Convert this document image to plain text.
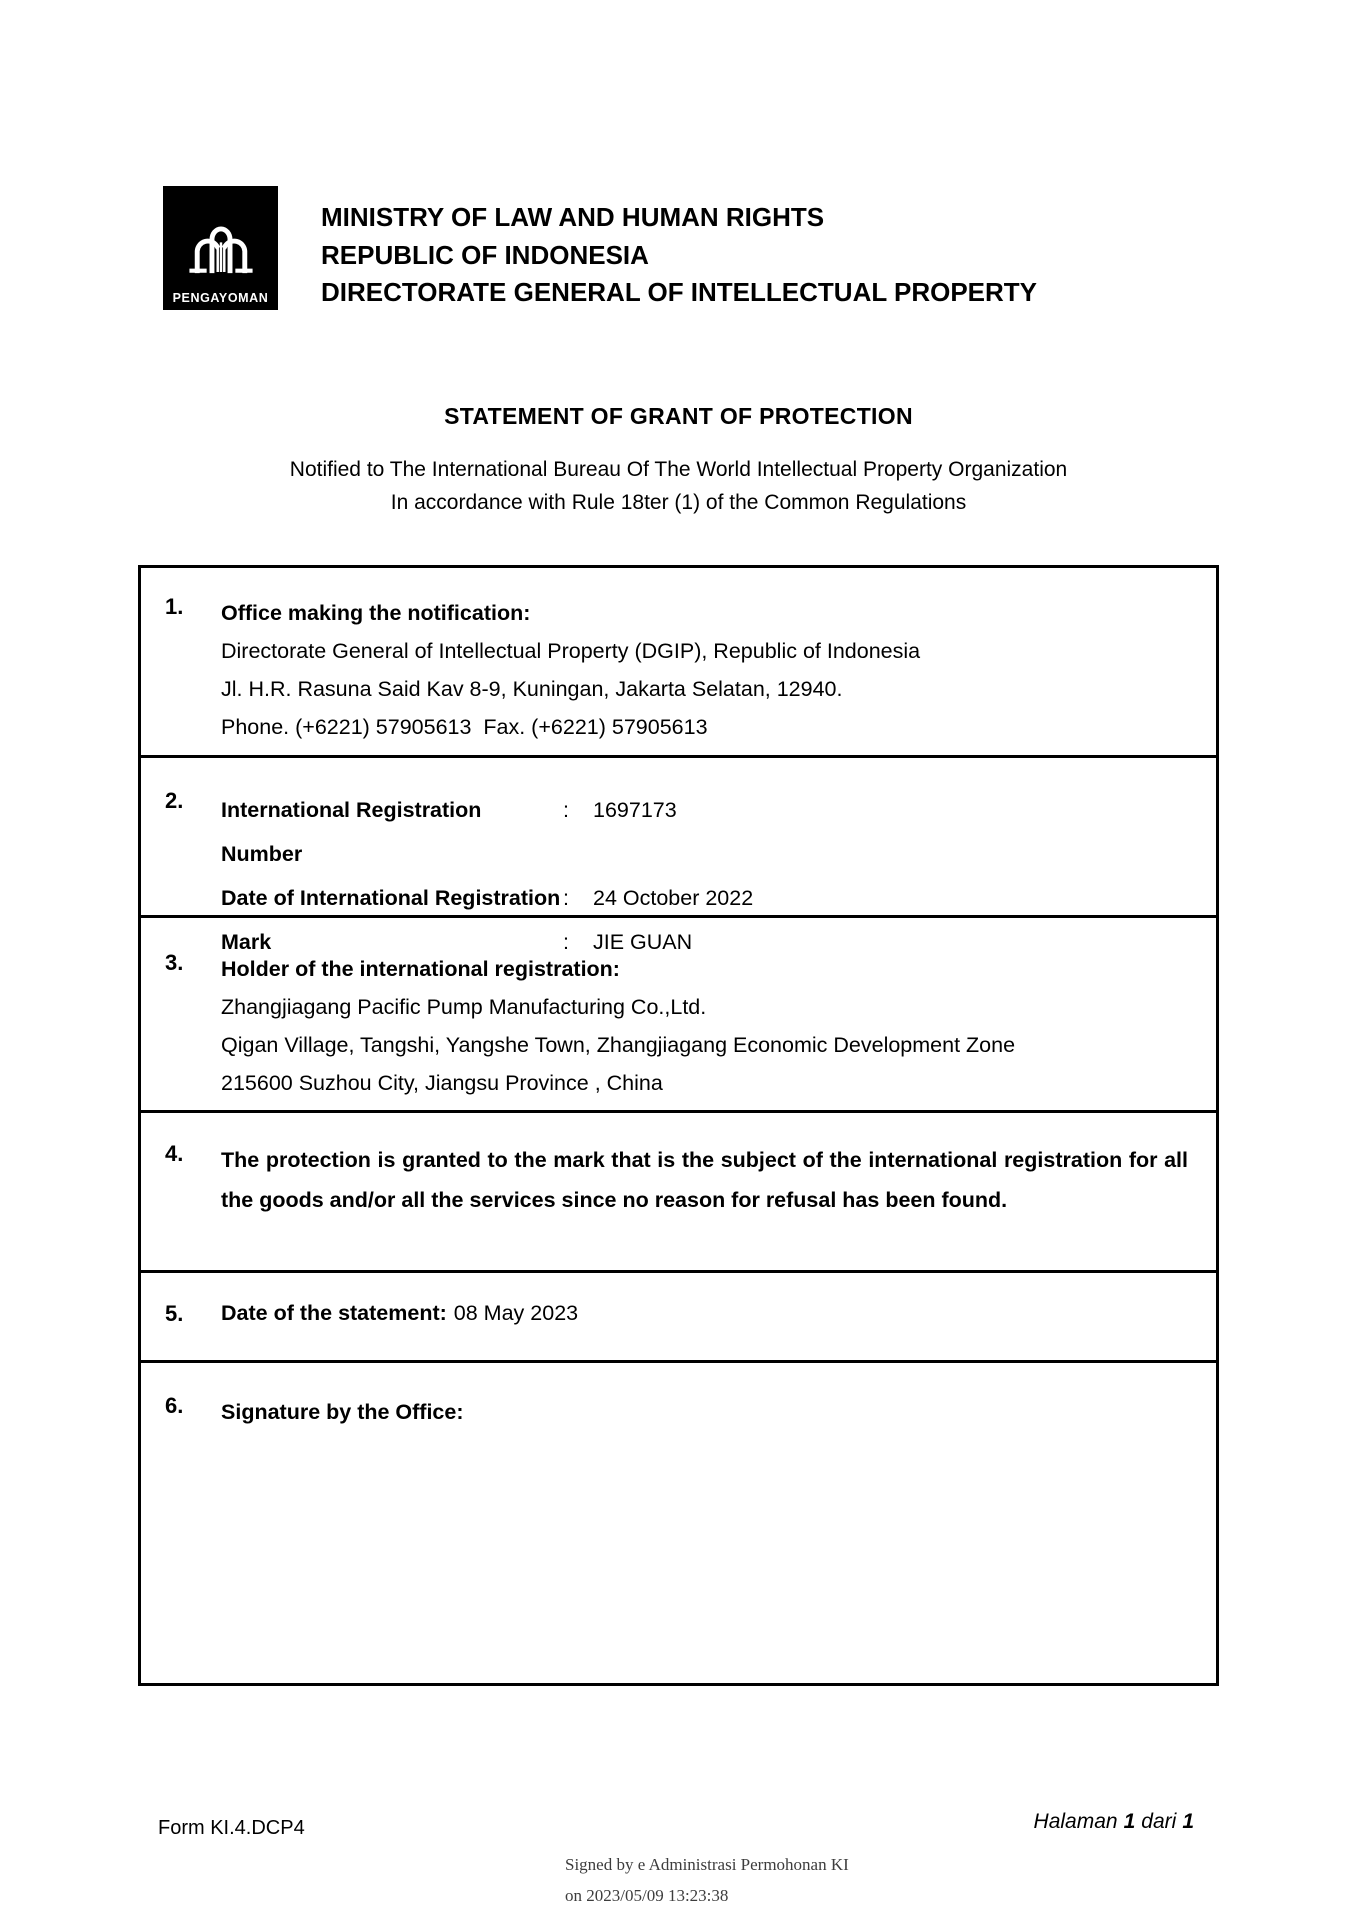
PENGAYOMAN
MINISTRY OF LAW AND HUMAN RIGHTS
REPUBLIC OF INDONESIA
DIRECTORATE GENERAL OF INTELLECTUAL PROPERTY
STATEMENT OF GRANT OF PROTECTION
Notified to The International Bureau Of The World Intellectual Property Organization
In accordance with Rule 18ter (1) of the Common Regulations
1.	Office making the notification:
Directorate General of Intellectual Property (DGIP), Republic of Indonesia
Jl. H.R. Rasuna Said Kav 8-9, Kuningan, Jakarta Selatan, 12940.
Phone. (+6221) 57905613  Fax. (+6221) 57905613
2.	International Registration Number
:	1697173
Date of International Registration :	24 October 2022
Mark	:	JIE GUAN
3.	Holder of the international registration:
Zhangjiagang Pacific Pump Manufacturing Co.,Ltd.
Qigan Village, Tangshi, Yangshe Town, Zhangjiagang Economic Development Zone
215600 Suzhou City, Jiangsu Province , China
4.	The protection is granted to the mark that is the subject of the international registration for all the goods and/or all the services since no reason for refusal has been found.

5.	Date of the statement: 08 May 2023
6.	Signature by the Office:
Form KI.4.DCP4	Halaman 1 dari 1
Signed by e Administrasi Permohonan KI
on 2023/05/09 13:23:38
